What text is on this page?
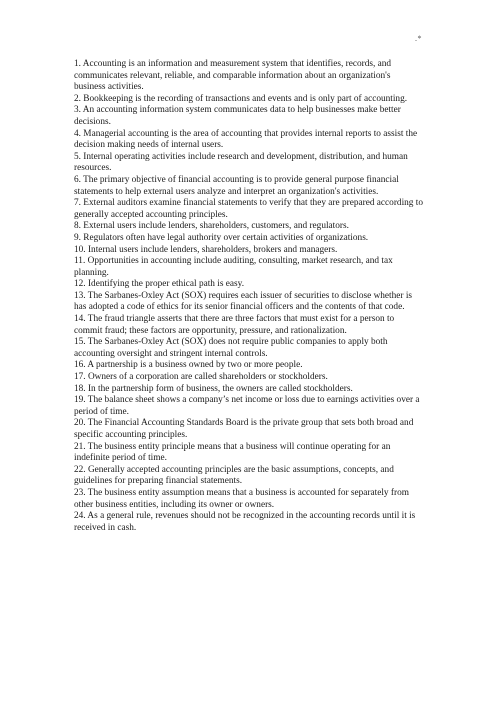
.*

1. Accounting is an information and measurement system that identifies, records, and communicates relevant, reliable, and comparable information about an organization's business activities.

2. Bookkeeping is the recording of transactions and events and is only part of accounting.

3. An accounting information system communicates data to help businesses make better decisions.

4. Managerial accounting is the area of accounting that provides internal reports to assist the decision making needs of internal users.

5. Internal operating activities include research and development, distribution, and human resources.

6. The primary objective of financial accounting is to provide general purpose financial statements to help external users analyze and interpret an organization's activities.

7. External auditors examine financial statements to verify that they are prepared according to generally accepted accounting principles.

8. External users include lenders, shareholders, customers, and regulators.

9. Regulators often have legal authority over certain activities of organizations.

10. Internal users include lenders, shareholders, brokers and managers.

11. Opportunities in accounting include auditing, consulting, market research, and tax planning.

12. Identifying the proper ethical path is easy.

13. The Sarbanes-Oxley Act (SOX) requires each issuer of securities to disclose whether is has adopted a code of ethics for its senior financial officers and the contents of that code.

14. The fraud triangle asserts that there are three factors that must exist for a person to commit fraud; these factors are opportunity, pressure, and rationalization.

15. The Sarbanes-Oxley Act (SOX) does not require public companies to apply both accounting oversight and stringent internal controls.

16. A partnership is a business owned by two or more people.

17. Owners of a corporation are called shareholders or stockholders.

18. In the partnership form of business, the owners are called stockholders.

19. The balance sheet shows a company’s net income or loss due to earnings activities over a period of time.

20. The Financial Accounting Standards Board is the private group that sets both broad and specific accounting principles.

21. The business entity principle means that a business will continue operating for an indefinite period of time.

22. Generally accepted accounting principles are the basic assumptions, concepts, and guidelines for preparing financial statements.

23. The business entity assumption means that a business is accounted for separately from other business entities, including its owner or owners.

24. As a general rule, revenues should not be recognized in the accounting records until it is received in cash.
